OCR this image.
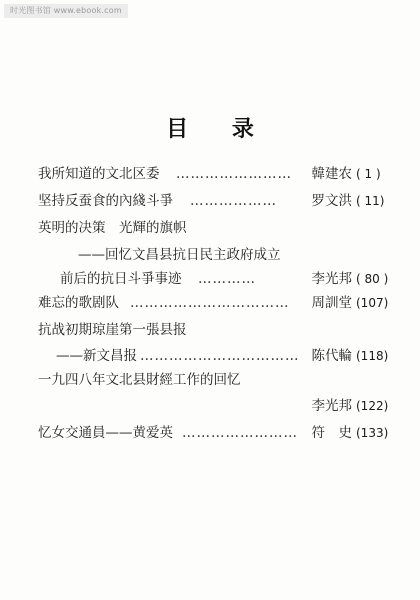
时光图书馆 www.ebook.com
目 录
我所知道的文北区委 …………………… 韓建农 ( 1 )
坚持反蚕食的內綫斗爭 ………………	罗文洪 ( 11)
英明的决策　光輝的旗帜
——回忆文昌县抗日民主政府成立
前后的抗日斗爭事迹 …………	李光邦 ( 80 )
难忘的歌剧队 …………………………… 周訓堂 (107)
抗战初期琼崖第一張县报
——新文昌报 …………………………… 陈代輪 (118)
一九四八年文北县財經工作的回忆
李光邦 (122)
忆女交通員——黄爱英 …………………… 符　史 (133)
